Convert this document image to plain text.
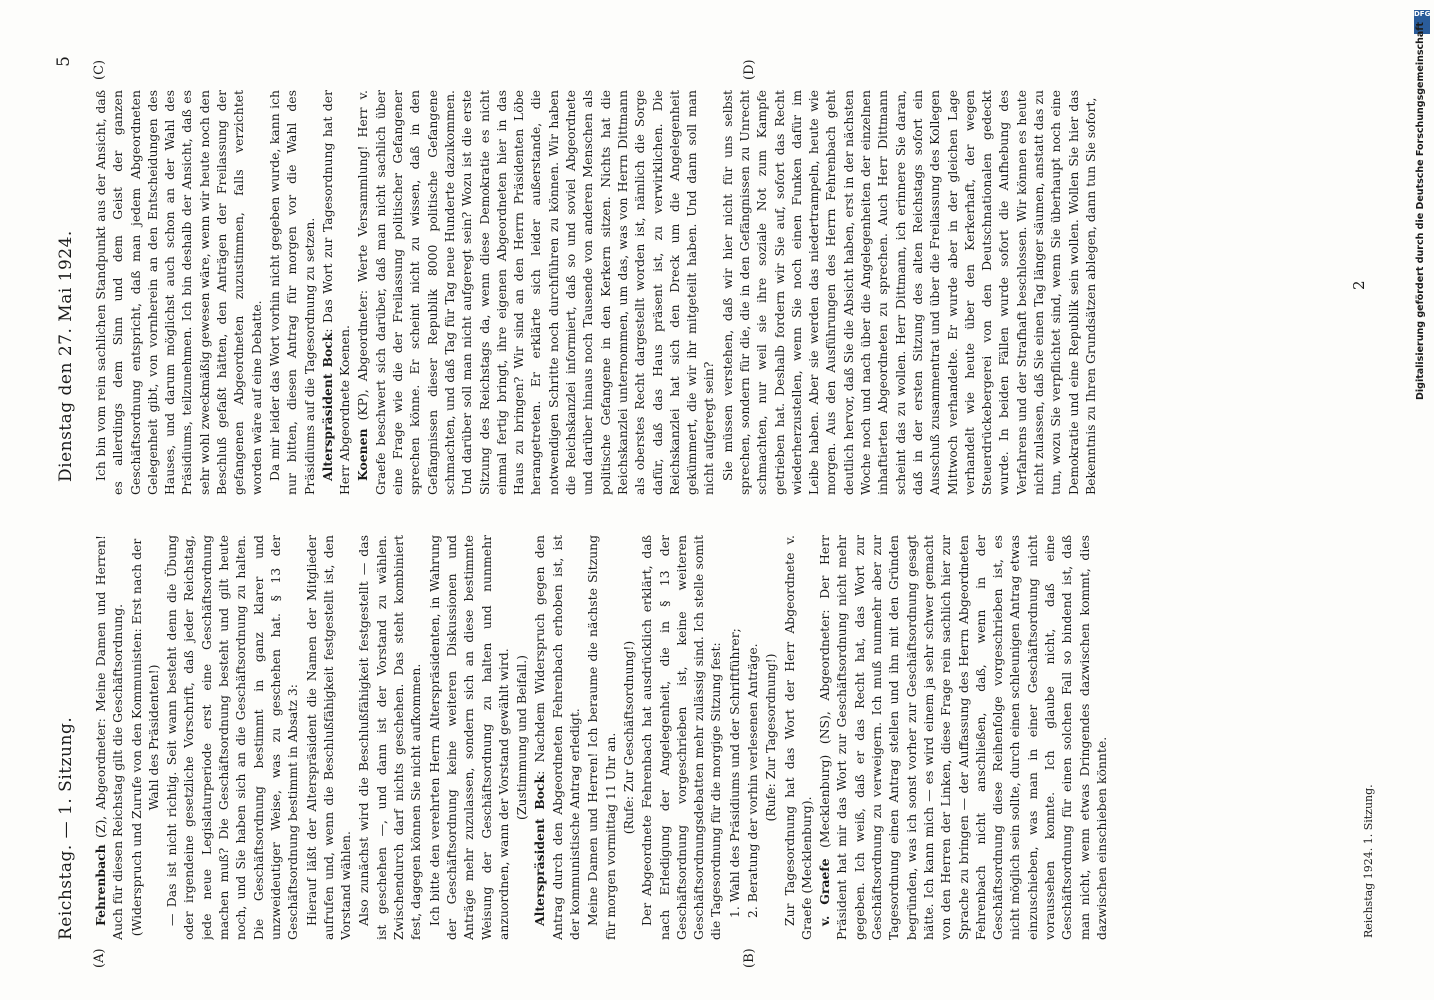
Reichstag. — 1. Sitzung.
Dienstag den 27. Mai 1924.
5
(A)	(B)
(C)	(D)

Fehrenbach (Z), Abgeordneter: Meine Damen und Herren! Auch für diesen Reichstag gilt die Geschäftsordnung. (Widerspruch und Zurufe von den Kommunisten: Erst nach der Wahl des Präsidenten!) — Das ist nicht richtig. Seit wann besteht denn die Übung oder irgendeine gesetzliche Vorschrift, daß jeder Reichstag, jede neue Legislaturperiode erst eine Geschäftsordnung machen muß? Die Geschäftsordnung besteht und gilt heute noch, und Sie haben sich an die Geschäftsordnung zu halten. Die Geschäftsordnung bestimmt in ganz klarer und unzweideutiger Weise, was zu geschehen hat. § 13 der Geschäftsordnung bestimmt in Absatz 3: Hierauf läßt der Alterspräsident die Namen der Mitglieder aufrufen und, wenn die Beschlußfähigkeit festgestellt ist, den Vorstand wählen. Also zunächst wird die Beschlußfähigkeit festgestellt — das ist geschehen —, und dann ist der Vorstand zu wählen. Zwischendurch darf nichts geschehen. Das steht kombiniert fest, dagegen können Sie nicht aufkommen. Ich bitte den verehrten Herrn Alterspräsidenten, in Wahrung der Geschäftsordnung keine weiteren Diskussionen und Anträge mehr zuzulassen, sondern sich an diese bestimmte Weisung der Geschäftsordnung zu halten und nunmehr anzuordnen, wann der Vorstand gewählt wird. (Zustimmung und Beifall.)

Alterspräsident Bock: Nachdem Widerspruch gegen den Antrag durch den Abgeordneten Fehrenbach erhoben ist, ist der kommunistische Antrag erledigt. Meine Damen und Herren! Ich beraume die nächste Sitzung für morgen vormittag 11 Uhr an. (Rufe: Zur Geschäftsordnung!) Der Abgeordnete Fehrenbach hat ausdrücklich erklärt, daß nach Erledigung der Angelegenheit, die in § 13 der Geschäftsordnung vorgeschrieben ist, keine weiteren Geschäftsordnungsdebatten mehr zulässig sind. Ich stelle somit die Tagesordnung für die morgige Sitzung fest: 1. Wahl des Präsidiums und der Schriftführer; 2. Beratung der vorhin verlesenen Anträge. (Rufe: Zur Tagesordnung!) Zur Tagesordnung hat das Wort der Herr Abgeordnete v. Graefe (Mecklenburg). v. Graefe (Mecklenburg) (NS), Abgeordneter: Der Herr Präsident hat mir das Wort zur Geschäftsordnung nicht mehr gegeben. Ich weiß, daß er das Recht hat, das Wort zur Geschäftsordnung zu verweigern. Ich muß nunmehr aber zur Tagesordnung einen Antrag stellen und ihn mit den Gründen begründen, was ich sonst vorher zur Geschäftsordnung gesagt hätte. Ich kann mich — es wird einem ja sehr schwer gemacht von den Herren der Linken, diese Frage rein sachlich hier zur Sprache zu bringen — der Auffassung des Herrn Abgeordneten Fehrenbach nicht anschließen, daß, wenn in der Geschäftsordnung diese Reihenfolge vorgeschrieben ist, es nicht möglich sein sollte, durch einen schleunigen Antrag etwas einzuschieben, was man in einer Geschäftsordnung nicht voraussehen konnte. Ich glaube nicht, daß eine Geschäftsordnung für einen solchen Fall so bindend ist, daß man nicht, wenn etwas Dringendes dazwischen kommt, dies dazwischen einschieben könnte.

Ich bin vom rein sachlichen Standpunkt aus der Ansicht, daß es allerdings dem Sinn und dem Geist der ganzen Geschäftsordnung entspricht, daß man jedem Abgeordneten Gelegenheit gibt, von vornherein an den Entscheidungen des Hauses, und darum möglichst auch schon an der Wahl des Präsidiums, teilzunehmen. Ich bin deshalb der Ansicht, daß es sehr wohl zweckmäßig gewesen wäre, wenn wir heute noch den Beschluß gefaßt hätten, den Anträgen der Freilassung der gefangenen Abgeordneten zuzustimmen, falls verzichtet worden wäre auf eine Debatte. Da mir leider das Wort vorhin nicht gegeben wurde, kann ich nur bitten, diesen Antrag für morgen vor die Wahl des Präsidiums auf die Tagesordnung zu setzen. Alterspräsident Bock: Das Wort zur Tagesordnung hat der Herr Abgeordnete Koenen. Koenen (KP), Abgeordneter: Werte Versammlung! Herr v. Graefe beschwert sich darüber, daß man nicht sachlich über eine Frage wie die der Freilassung politischer Gefangener sprechen könne. Er scheint nicht zu wissen, daß in den Gefängnissen dieser Republik 8000 politische Gefangene schmachten, und daß Tag für Tag neue Hunderte dazukommen. Und darüber soll man nicht aufgeregt sein? Wozu ist die erste Sitzung des Reichstags da, wenn diese Demokratie es nicht einmal fertig bringt, ihre eigenen Abgeordneten hier in das Haus zu bringen? Wir sind an den Herrn Präsidenten Löbe herangetreten. Er erklärte sich leider außerstande, die notwendigen Schritte noch durchführen zu können. Wir haben die Reichskanzlei informiert, daß so und soviel Abgeordnete und darüber hinaus noch Tausende von anderen Menschen als politische Gefangene in den Kerkern sitzen. Nichts hat die Reichskanzlei unternommen, um das, was von Herrn Dittmann als oberstes Recht dargestellt worden ist, nämlich die Sorge dafür, daß das Haus präsent ist, zu verwirklichen. Die Reichskanzlei hat sich den Dreck um die Angelegenheit gekümmert, die wir ihr mitgeteilt haben. Und dann soll man nicht aufgeregt sein? Sie müssen verstehen, daß wir hier nicht für uns selbst sprechen, sondern für die, die in den Gefängnissen zu Unrecht schmachten, nur weil sie ihre soziale Not zum Kampfe getrieben hat. Deshalb fordern wir Sie auf, sofort das Recht wiederherzustellen, wenn Sie noch einen Funken dafür im Leibe haben. Aber sie werden das niedertrampeln, heute wie morgen. Aus den Ausführungen des Herrn Fehrenbach geht deutlich hervor, daß Sie die Absicht haben, erst in der nächsten Woche noch und nach über die Angelegenheiten der einzelnen inhaftierten Abgeordneten zu sprechen. Auch Herr Dittmann scheint das zu wollen. Herr Dittmann, ich erinnere Sie daran, daß in der ersten Sitzung des alten Reichstags sofort ein Ausschuß zusammentrat und über die Freilassung des Kollegen Mittwoch verhandelte. Er wurde aber in der gleichen Lage verhandelt wie heute über den Kerkerhaft, der wegen Steuerdrückebergerei von den Deutschnationalen gedeckt wurde. In beiden Fällen wurde sofort die Aufhebung des Verfahrens und der Strafhaft beschlossen. Wir können es heute nicht zulassen, daß Sie einen Tag länger säumen, anstatt das zu tun, wozu Sie verpflichtet sind, wenn Sie überhaupt noch eine Demokratie und eine Republik sein wollen. Wollen Sie hier das Bekenntnis zu Ihren Grundsätzen ablegen, dann tun Sie sofort,

Reichstag 1924. 1. Sitzung.
2
DFG
Digitalisierung gefördert durch die Deutsche Forschungsgemeinschaft
